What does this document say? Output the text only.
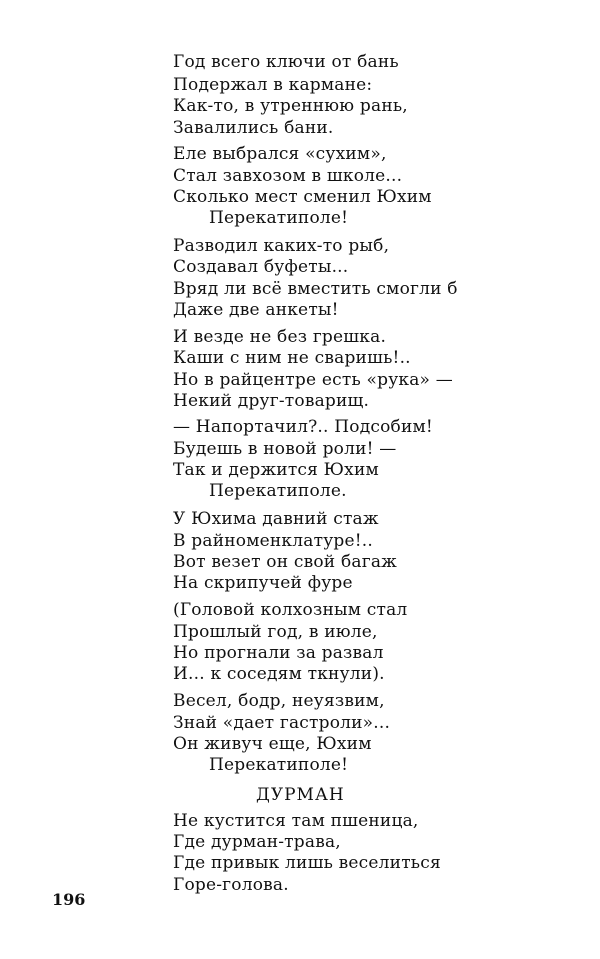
Год всего ключи от бань
Подержал в кармане:
Как-то, в утреннюю рань,
Завалились бани.
Еле выбрался «сухим»,
Стал завхозом в школе...
Сколько мест сменил Юхим
Перекатиполе!
Разводил каких-то рыб,
Создавал буфеты...
Вряд ли всё вместить смогли б
Даже две анкеты!
И везде не без грешка.
Каши с ним не сваришь!..
Но в райцентре есть «рука» —
Некий друг-товарищ.
— Напортачил?.. Подсобим!
Будешь в новой роли! —
Так и держится Юхим
Перекатиполе.
У Юхима давний стаж
В райноменклатуре!..
Вот везет он свой багаж
На скрипучей фуре
(Головой колхозным стал
Прошлый год, в июле,
Но прогнали за развал
И... к соседям ткнули).
Весел, бодр, неуязвим,
Знай «дает гастроли»...
Он живуч еще, Юхим
Перекатиполе!
ДУРМАН
Не кустится там пшеница,
Где дурман-трава,
Где привык лишь веселиться
Горе-голова.
196
